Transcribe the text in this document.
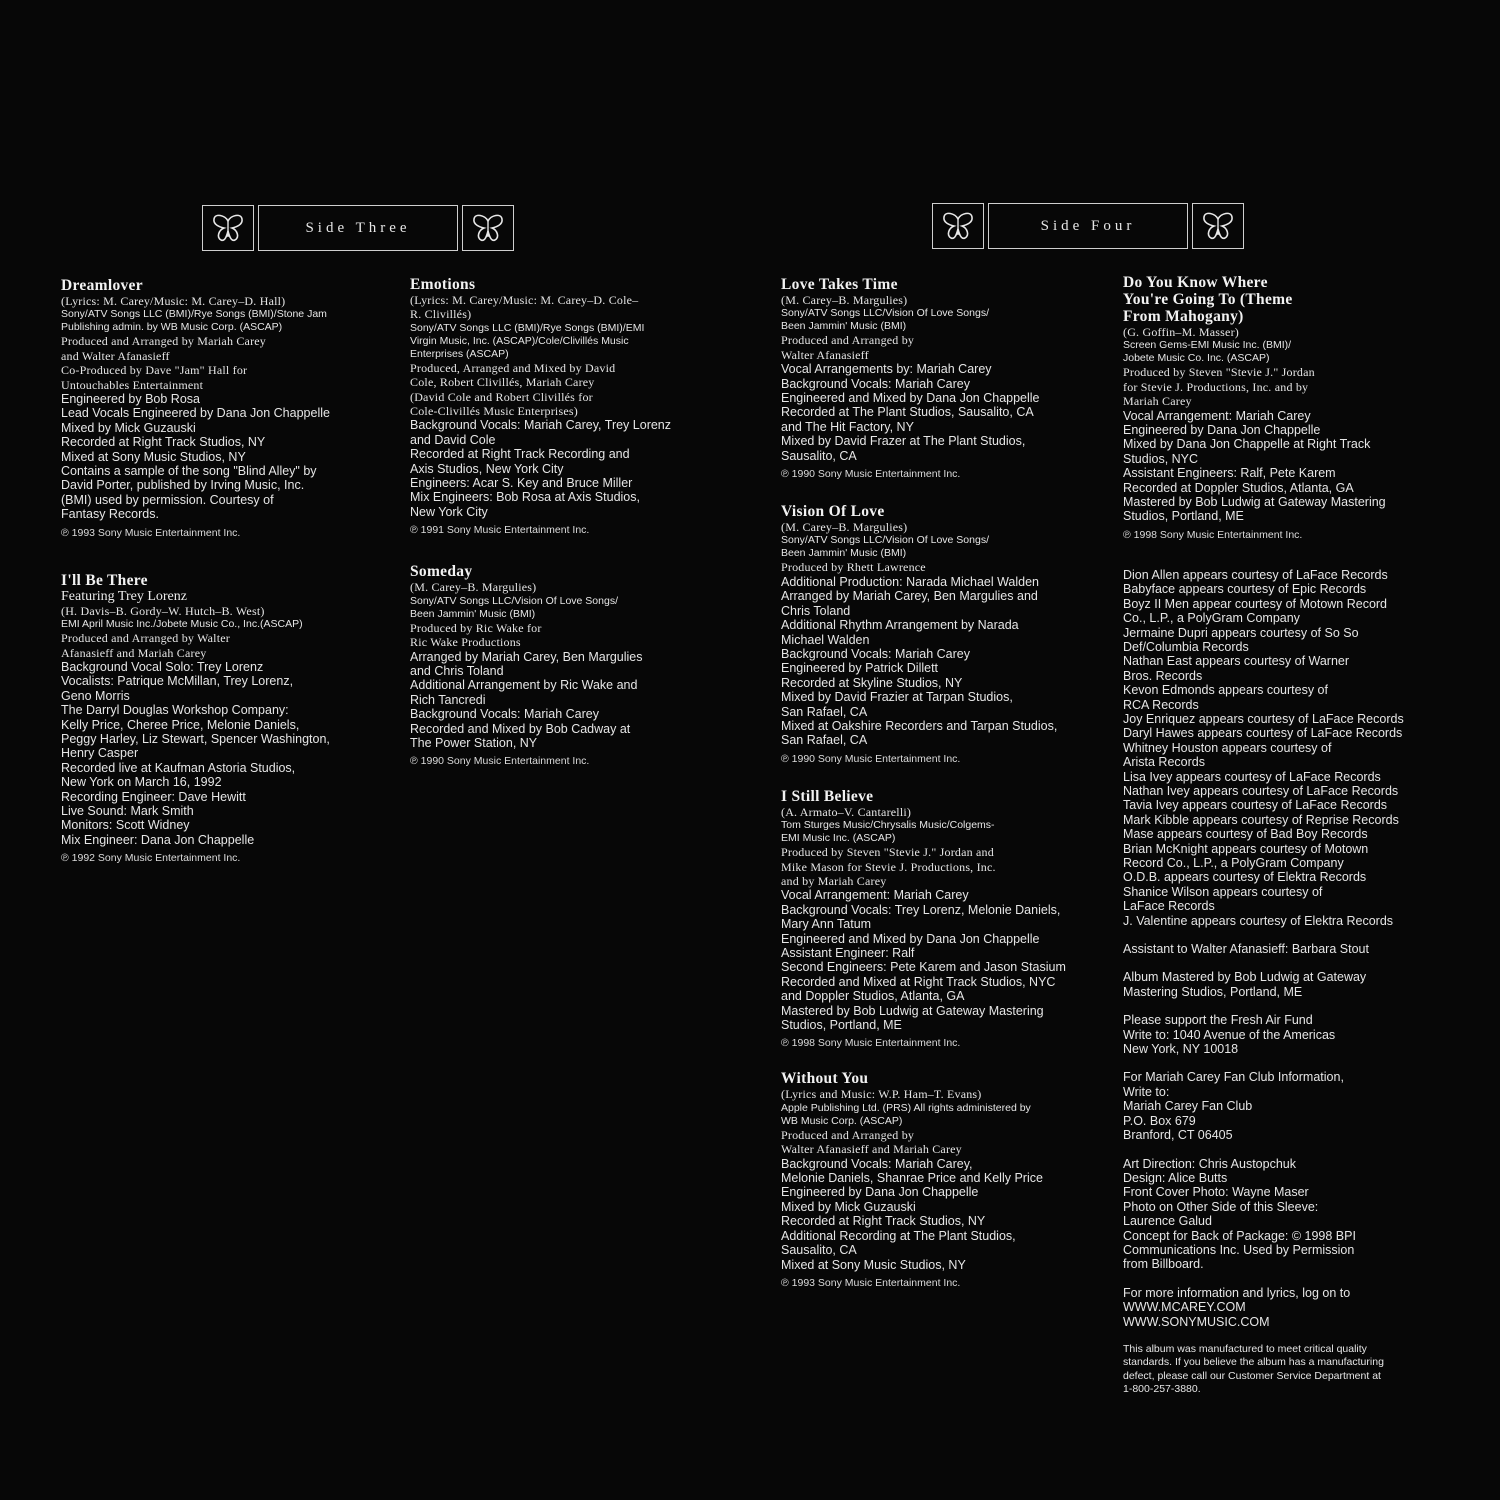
Side Three	Side Four
Dreamlover
(Lyrics: M. Carey/Music: M. Carey–D. Hall)
Sony/ATV Songs LLC (BMI)/Rye Songs (BMI)/Stone Jam
Publishing admin. by WB Music Corp. (ASCAP)
Produced and Arranged by Mariah Carey
and Walter Afanasieff
Co-Produced by Dave "Jam" Hall for
Untouchables Entertainment
Engineered by Bob Rosa
Lead Vocals Engineered by Dana Jon Chappelle
Mixed by Mick Guzauski
Recorded at Right Track Studios, NY
Mixed at Sony Music Studios, NY
Contains a sample of the song "Blind Alley" by
David Porter, published by Irving Music, Inc.
(BMI) used by permission. Courtesy of
Fantasy Records.
℗ 1993 Sony Music Entertainment Inc.
I'll Be There
Featuring Trey Lorenz
(H. Davis–B. Gordy–W. Hutch–B. West)
EMI April Music Inc./Jobete Music Co., Inc.(ASCAP)
Produced and Arranged by Walter
Afanasieff and Mariah Carey
Background Vocal Solo: Trey Lorenz
Vocalists: Patrique McMillan, Trey Lorenz,
Geno Morris
The Darryl Douglas Workshop Company:
Kelly Price, Cheree Price, Melonie Daniels,
Peggy Harley, Liz Stewart, Spencer Washington,
Henry Casper
Recorded live at Kaufman Astoria Studios,
New York on March 16, 1992
Recording Engineer: Dave Hewitt
Live Sound: Mark Smith
Monitors: Scott Widney
Mix Engineer: Dana Jon Chappelle
℗ 1992 Sony Music Entertainment Inc.
Emotions
(Lyrics: M. Carey/Music: M. Carey–D. Cole–
R. Clivillés)
Sony/ATV Songs LLC (BMI)/Rye Songs (BMI)/EMI
Virgin Music, Inc. (ASCAP)/Cole/Clivillés Music
Enterprises (ASCAP)
Produced, Arranged and Mixed by David
Cole, Robert Clivillés, Mariah Carey
(David Cole and Robert Clivillés for
Cole-Clivillés Music Enterprises)
Background Vocals: Mariah Carey, Trey Lorenz
and David Cole
Recorded at Right Track Recording and
Axis Studios, New York City
Engineers: Acar S. Key and Bruce Miller
Mix Engineers: Bob Rosa at Axis Studios,
New York City
℗ 1991 Sony Music Entertainment Inc.
Someday
(M. Carey–B. Margulies)
Sony/ATV Songs LLC/Vision Of Love Songs/
Been Jammin' Music (BMI)
Produced by Ric Wake for
Ric Wake Productions
Arranged by Mariah Carey, Ben Margulies
and Chris Toland
Additional Arrangement by Ric Wake and
Rich Tancredi
Background Vocals: Mariah Carey
Recorded and Mixed by Bob Cadway at
The Power Station, NY
℗ 1990 Sony Music Entertainment Inc.
Love Takes Time
(M. Carey–B. Margulies)
Sony/ATV Songs LLC/Vision Of Love Songs/
Been Jammin' Music (BMI)
Produced and Arranged by
Walter Afanasieff
Vocal Arrangements by: Mariah Carey
Background Vocals: Mariah Carey
Engineered and Mixed by Dana Jon Chappelle
Recorded at The Plant Studios, Sausalito, CA
and The Hit Factory, NY
Mixed by David Frazer at The Plant Studios,
Sausalito, CA
℗ 1990 Sony Music Entertainment Inc.
Vision Of Love
(M. Carey–B. Margulies)
Sony/ATV Songs LLC/Vision Of Love Songs/
Been Jammin' Music (BMI)
Produced by Rhett Lawrence
Additional Production: Narada Michael Walden
Arranged by Mariah Carey, Ben Margulies and
Chris Toland
Additional Rhythm Arrangement by Narada
Michael Walden
Background Vocals: Mariah Carey
Engineered by Patrick Dillett
Recorded at Skyline Studios, NY
Mixed by David Frazier at Tarpan Studios,
San Rafael, CA
Mixed at Oakshire Recorders and Tarpan Studios,
San Rafael, CA
℗ 1990 Sony Music Entertainment Inc.
I Still Believe
(A. Armato–V. Cantarelli)
Tom Sturges Music/Chrysalis Music/Colgems-
EMI Music Inc. (ASCAP)
Produced by Steven "Stevie J." Jordan and
Mike Mason for Stevie J. Productions, Inc.
and by Mariah Carey
Vocal Arrangement: Mariah Carey
Background Vocals: Trey Lorenz, Melonie Daniels,
Mary Ann Tatum
Engineered and Mixed by Dana Jon Chappelle
Assistant Engineer: Ralf
Second Engineers: Pete Karem and Jason Stasium
Recorded and Mixed at Right Track Studios, NYC
and Doppler Studios, Atlanta, GA
Mastered by Bob Ludwig at Gateway Mastering
Studios, Portland, ME
℗ 1998 Sony Music Entertainment Inc.
Without You
(Lyrics and Music: W.P. Ham–T. Evans)
Apple Publishing Ltd. (PRS) All rights administered by
WB Music Corp. (ASCAP)
Produced and Arranged by
Walter Afanasieff and Mariah Carey
Background Vocals: Mariah Carey,
Melonie Daniels, Shanrae Price and Kelly Price
Engineered by Dana Jon Chappelle
Mixed by Mick Guzauski
Recorded at Right Track Studios, NY
Additional Recording at The Plant Studios,
Sausalito, CA
Mixed at Sony Music Studios, NY
℗ 1993 Sony Music Entertainment Inc.
Do You Know Where
You're Going To (Theme
From Mahogany)
(G. Goffin–M. Masser)
Screen Gems-EMI Music Inc. (BMI)/
Jobete Music Co. Inc. (ASCAP)
Produced by Steven "Stevie J." Jordan
for Stevie J. Productions, Inc. and by
Mariah Carey
Vocal Arrangement: Mariah Carey
Engineered by Dana Jon Chappelle
Mixed by Dana Jon Chappelle at Right Track
Studios, NYC
Assistant Engineers: Ralf, Pete Karem
Recorded at Doppler Studios, Atlanta, GA
Mastered by Bob Ludwig at Gateway Mastering
Studios, Portland, ME
℗ 1998 Sony Music Entertainment Inc.
Dion Allen appears courtesy of LaFace Records
Babyface appears courtesy of Epic Records
Boyz II Men appear courtesy of Motown Record
Co., L.P., a PolyGram Company
Jermaine Dupri appears courtesy of So So
Def/Columbia Records
Nathan East appears courtesy of Warner
Bros. Records
Kevon Edmonds appears courtesy of
RCA Records
Joy Enriquez appears courtesy of LaFace Records
Daryl Hawes appears courtesy of LaFace Records
Whitney Houston appears courtesy of
Arista Records
Lisa Ivey appears courtesy of LaFace Records
Nathan Ivey appears courtesy of LaFace Records
Tavia Ivey appears courtesy of LaFace Records
Mark Kibble appears courtesy of Reprise Records
Mase appears courtesy of Bad Boy Records
Brian McKnight appears courtesy of Motown
Record Co., L.P., a PolyGram Company
O.D.B. appears courtesy of Elektra Records
Shanice Wilson appears courtesy of
LaFace Records
J. Valentine appears courtesy of Elektra Records
Assistant to Walter Afanasieff: Barbara Stout
Album Mastered by Bob Ludwig at Gateway
Mastering Studios, Portland, ME
Please support the Fresh Air Fund
Write to: 1040 Avenue of the Americas
New York, NY 10018
For Mariah Carey Fan Club Information,
Write to:
Mariah Carey Fan Club
P.O. Box 679
Branford, CT 06405
Art Direction: Chris Austopchuk
Design: Alice Butts
Front Cover Photo: Wayne Maser
Photo on Other Side of this Sleeve:
Laurence Galud
Concept for Back of Package: © 1998 BPI
Communications Inc. Used by Permission
from Billboard.
For more information and lyrics, log on to
WWW.MCAREY.COM
WWW.SONYMUSIC.COM
This album was manufactured to meet critical quality
standards. If you believe the album has a manufacturing
defect, please call our Customer Service Department at
1-800-257-3880.
